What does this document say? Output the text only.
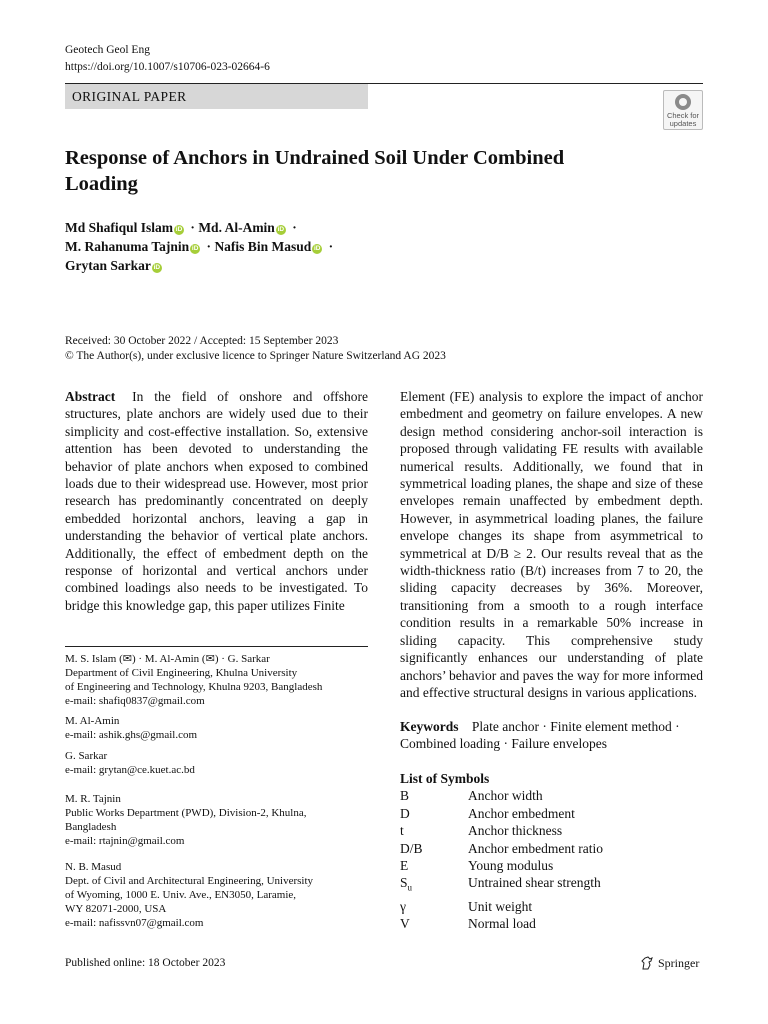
Geotech Geol Eng
https://doi.org/10.1007/s10706-023-02664-6
ORIGINAL PAPER
Check for
updates
Response of Anchors in Undrained Soil Under Combined
Loading
Md Shafiqul Islam iD · Md. Al-Amin iD ·
M. Rahanuma Tajnin iD · Nafis Bin Masud iD ·
Grytan Sarkar iD
Received: 30 October 2022 / Accepted: 15 September 2023
© The Author(s), under exclusive licence to Springer Nature Switzerland AG 2023
Abstract In the field of onshore and offshore structures, plate anchors are widely used due to their simplicity and cost-effective installation. So, extensive attention has been devoted to understanding the behavior of plate anchors when exposed to combined loads due to their widespread use. However, most prior research has predominantly concentrated on deeply embedded horizontal anchors, leaving a gap in understanding the behavior of vertical plate anchors. Additionally, the effect of embedment depth on the response of horizontal and vertical anchors under combined loadings also needs to be investigated. To bridge this knowledge gap, this paper utilizes Finite
Element (FE) analysis to explore the impact of anchor embedment and geometry on failure envelopes. A new design method considering anchor-soil interaction is proposed through validating FE results with available numerical results. Additionally, we found that in symmetrical loading planes, the shape and size of these envelopes remain unaffected by embedment depth. However, in asymmetrical loading planes, the failure envelope changes its shape from asymmetrical to symmetrical at D/B ≥ 2. Our results reveal that as the width-thickness ratio (B/t) increases from 7 to 20, the sliding capacity decreases by 36%. Moreover, transitioning from a smooth to a rough interface condition results in a remarkable 50% increase in sliding capacity. This comprehensive study significantly enhances our understanding of plate anchors’ behavior and paves the way for more informed and effective structural designs in various applications.
M. S. Islam (✉) · M. Al-Amin (✉) · G. Sarkar
Department of Civil Engineering, Khulna University
of Engineering and Technology, Khulna 9203, Bangladesh
e-mail: shafiq0837@gmail.com
M. Al-Amin
e-mail: ashik.ghs@gmail.com
G. Sarkar
e-mail: grytan@ce.kuet.ac.bd
M. R. Tajnin
Public Works Department (PWD), Division-2, Khulna,
Bangladesh
e-mail: rtajnin@gmail.com
N. B. Masud
Dept. of Civil and Architectural Engineering, University
of Wyoming, 1000 E. Univ. Ave., EN3050, Laramie,
WY 82071-2000, USA
e-mail: nafissvn07@gmail.com
Keywords Plate anchor · Finite element method · Combined loading · Failure envelopes
List of Symbols
B	Anchor width
D	Anchor embedment
t	Anchor thickness
D/B	Anchor embedment ratio
E	Young modulus
$S_u$	Untrained shear strength
γ	Unit weight
V	Normal load
Published online: 18 October 2023	Springer
